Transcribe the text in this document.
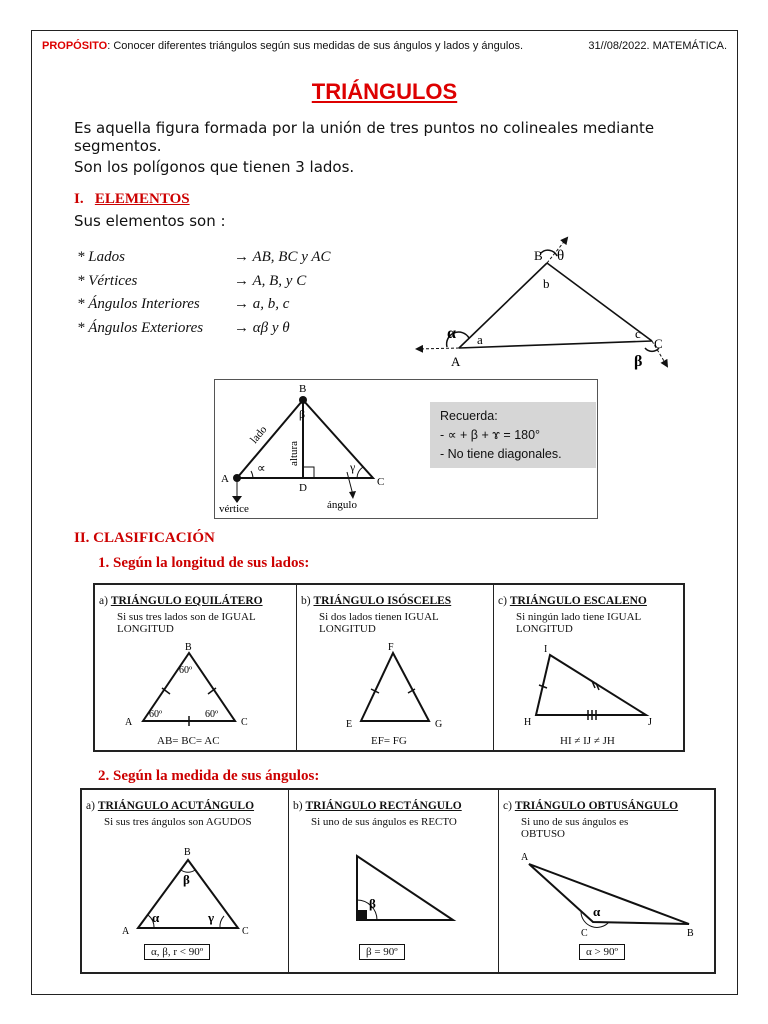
PROPÓSITO: Conocer diferentes triángulos según sus medidas de sus ángulos y lados y ángulos.	31//08/2022. MATEMÁTICA.
TRIÁNGULOS
Es aquella figura formada por la unión de tres puntos no colineales mediante segmentos.
Son los polígonos que tienen 3 lados.
I. ELEMENTOS
Sus elementos son :
* Lados	→ AB, BC y AC
* Vértices	→ A, B, y C
* Ángulos Interiores → a, b, c
* Ángulos Exteriores → αβ y θ
B θ
b
A
a
α	c
C
β
B
β
A
D	C
∝	γ
lado
altura
vértice	ángulo
Recuerda:
- ∝ + β + ɤ = 180°
- No tiene diagonales.
II. CLASIFICACIÓN
1. Según la longitud de sus lados:
a) TRIÁNGULO EQUILÁTERO
Si sus tres lados son de IGUAL LONGITUD
B
A	C
60º
60º	60º
AB= BC= AC
b) TRIÁNGULO ISÓSCELES
Si dos lados tienen IGUAL LONGITUD
F
E	G
EF= FG
c) TRIÁNGULO ESCALENO
Si ningún lado tiene IGUAL LONGITUD
I
H	J
HI ≠ IJ ≠ JH
2. Según la medida de sus ángulos:
a) TRIÁNGULO ACUTÁNGULO
Si sus tres ángulos son AGUDOS
B
A	C
α
β
γ
α, β, r < 90º
b) TRIÁNGULO RECTÁNGULO
Si uno de sus ángulos es RECTO
β
β = 90º
c) TRIÁNGULO OBTUSÁNGULO
Si uno de sus ángulos es OBTUSO
A
C	B
α
α > 90º
